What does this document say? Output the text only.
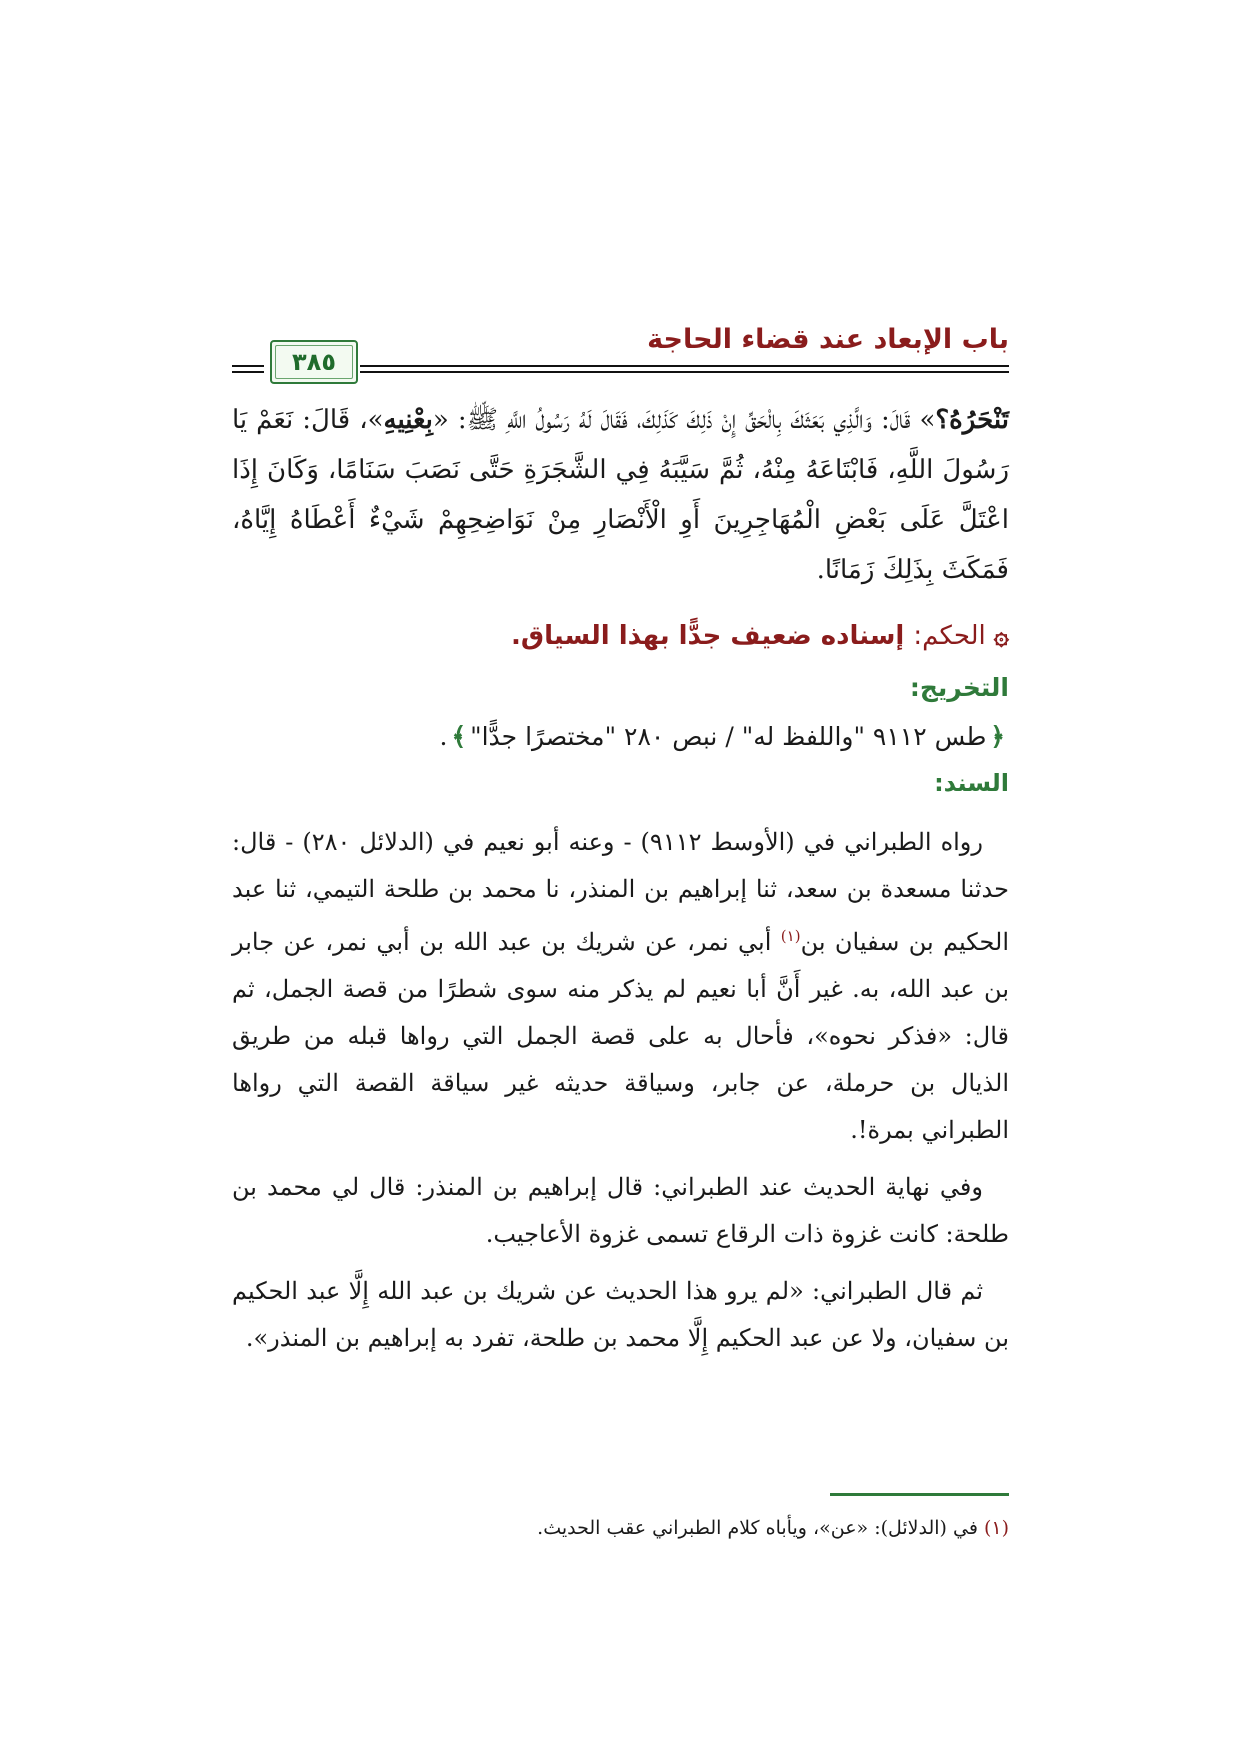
باب الإبعاد عند قضاء الحاجة
٣٨٥

تَنْحَرُهُ؟» قَالَ: وَالَّذِي بَعَثَكَ بِالْحَقِّ إِنْ ذَلِكَ كَذَلِكَ، فَقَالَ لَهُ رَسُولُ اللَّهِ ﷺ: «بِعْنِيهِ»، قَالَ: نَعَمْ يَا رَسُولَ اللَّهِ، فَابْتَاعَهُ مِنْهُ، ثُمَّ سَيَّبَهُ فِي الشَّجَرَةِ حَتَّى نَصَبَ سَنَامًا، وَكَانَ إِذَا اعْتَلَّ عَلَى بَعْضِ الْمُهَاجِرِينَ أَوِ الْأَنْصَارِ مِنْ نَوَاضِحِهِمْ شَيْءٌ أَعْطَاهُ إِيَّاهُ، فَمَكَثَ بِذَلِكَ زَمَانًا.

۞الحكم: إسناده ضعيف جدًّا بهذا السياق.
التخريج:
﴿طس ٩١١٢ "واللفظ له" / نبص ٢٨٠ "مختصرًا جدًّا"﴾.
السند:

رواه الطبراني في (الأوسط ٩١١٢) - وعنه أبو نعيم في (الدلائل ٢٨٠) - قال: حدثنا مسعدة بن سعد، ثنا إبراهيم بن المنذر، نا محمد بن طلحة التيمي، ثنا عبد الحكيم بن سفيان بن$^{(١)}$ أبي نمر، عن شريك بن عبد الله بن أبي نمر، عن جابر بن عبد الله، به. غير أَنَّ أبا نعيم لم يذكر منه سوى شطرًا من قصة الجمل، ثم قال: «فذكر نحوه»، فأحال به على قصة الجمل التي رواها قبله من طريق الذيال بن حرملة، عن جابر، وسياقة حديثه غير سياقة القصة التي رواها الطبراني بمرة!.

وفي نهاية الحديث عند الطبراني: قال إبراهيم بن المنذر: قال لي محمد بن طلحة: كانت غزوة ذات الرقاع تسمى غزوة الأعاجيب.

ثم قال الطبراني: «لم يرو هذا الحديث عن شريك بن عبد الله إِلَّا عبد الحكيم بن سفيان، ولا عن عبد الحكيم إِلَّا محمد بن طلحة، تفرد به إبراهيم بن المنذر».

(١)في (الدلائل): «عن»، ويأباه كلام الطبراني عقب الحديث.
